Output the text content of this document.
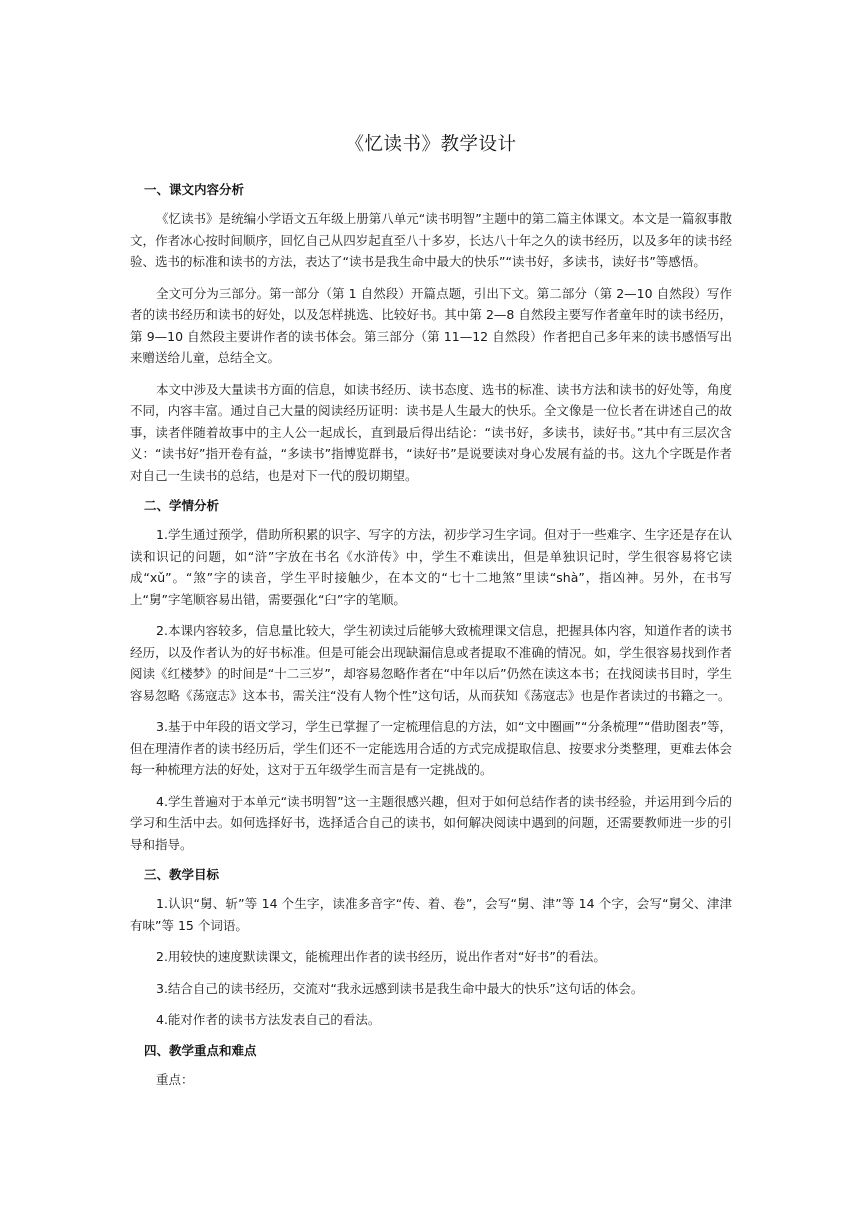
《忆读书》教学设计
一、课文内容分析

《忆读书》是统编小学语文五年级上册第八单元“读书明智”主题中的第二篇主体课文。本文是一篇叙事散文，作者冰心按时间顺序，回忆自己从四岁起直至八十多岁，长达八十年之久的读书经历，以及多年的读书经验、选书的标准和读书的方法，表达了“读书是我生命中最大的快乐”“读书好，多读书，读好书”等感悟。

全文可分为三部分。第一部分（第 1 自然段）开篇点题，引出下文。第二部分（第 2—10 自然段）写作者的读书经历和读书的好处，以及怎样挑选、比较好书。其中第 2—8 自然段主要写作者童年时的读书经历，第 9—10 自然段主要讲作者的读书体会。第三部分（第 11—12 自然段）作者把自己多年来的读书感悟写出来赠送给儿童，总结全文。

本文中涉及大量读书方面的信息，如读书经历、读书态度、选书的标准、读书方法和读书的好处等，角度不同，内容丰富。通过自己大量的阅读经历证明：读书是人生最大的快乐。全文像是一位长者在讲述自己的故事，读者伴随着故事中的主人公一起成长，直到最后得出结论：“读书好，多读书，读好书。”其中有三层次含义：“读书好”指开卷有益，“多读书”指博览群书，“读好书”是说要读对身心发展有益的书。这九个字既是作者对自己一生读书的总结，也是对下一代的殷切期望。

二、学情分析

1.学生通过预学，借助所积累的识字、写字的方法，初步学习生字词。但对于一些难字、生字还是存在认读和识记的问题，如“浒”字放在书名《水浒传》中，学生不难读出，但是单独识记时，学生很容易将它读成“xǔ”。“煞”字的读音，学生平时接触少，在本文的“七十二地煞”里读“shà”，指凶神。另外，在书写上“舅”字笔顺容易出错，需要强化“臼”字的笔顺。

2.本课内容较多，信息量比较大，学生初读过后能够大致梳理课文信息，把握具体内容，知道作者的读书经历，以及作者认为的好书标准。但是可能会出现缺漏信息或者提取不准确的情况。如，学生很容易找到作者阅读《红楼梦》的时间是“十二三岁”，却容易忽略作者在“中年以后”仍然在读这本书；在找阅读书目时，学生容易忽略《荡寇志》这本书，需关注“没有人物个性”这句话，从而获知《荡寇志》也是作者读过的书籍之一。

3.基于中年段的语文学习，学生已掌握了一定梳理信息的方法，如“文中圈画”“分条梳理”“借助图表”等，但在理清作者的读书经历后，学生们还不一定能选用合适的方式完成提取信息、按要求分类整理，更难去体会每一种梳理方法的好处，这对于五年级学生而言是有一定挑战的。

4.学生普遍对于本单元“读书明智”这一主题很感兴趣，但对于如何总结作者的读书经验，并运用到今后的学习和生活中去。如何选择好书，选择适合自己的读书，如何解决阅读中遇到的问题，还需要教师进一步的引导和指导。

三、教学目标

1.认识“舅、斩”等 14 个生字，读准多音字“传、着、卷”，会写“舅、津”等 14 个字，会写“舅父、津津有味”等 15 个词语。

2.用较快的速度默读课文，能梳理出作者的读书经历，说出作者对“好书”的看法。

3.结合自己的读书经历，交流对“我永远感到读书是我生命中最大的快乐”这句话的体会。

4.能对作者的读书方法发表自己的看法。

四、教学重点和难点

重点：
